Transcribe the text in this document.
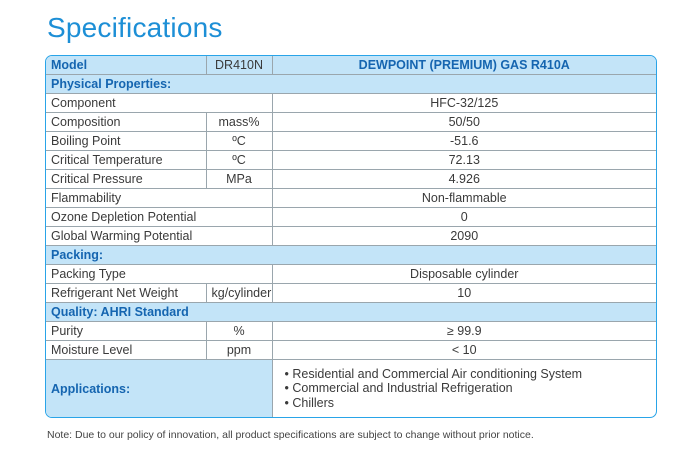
Specifications
Model	DR410N	DEWPOINT (PREMIUM) GAS R410A
Physical Properties:		
Component		HFC-32/125
Composition	mass%	50/50
Boiling Point	ºC	-51.6
Critical Temperature	ºC	72.13
Critical Pressure	MPa	4.926
Flammability		Non-flammable
Ozone Depletion Potential		0
Global Warming Potential		2090
Packing:		
Packing Type		Disposable cylinder
Refrigerant Net Weight	kg/cylinder	10
Quality: AHRI Standard		
Purity	%	≥ 99.9
Moisture Level	ppm	< 10
Applications:		• Residential and Commercial Air conditioning System
• Commercial and Industrial Refrigeration
• Chillers
Note: Due to our policy of innovation, all product specifications are subject to change without prior notice.
